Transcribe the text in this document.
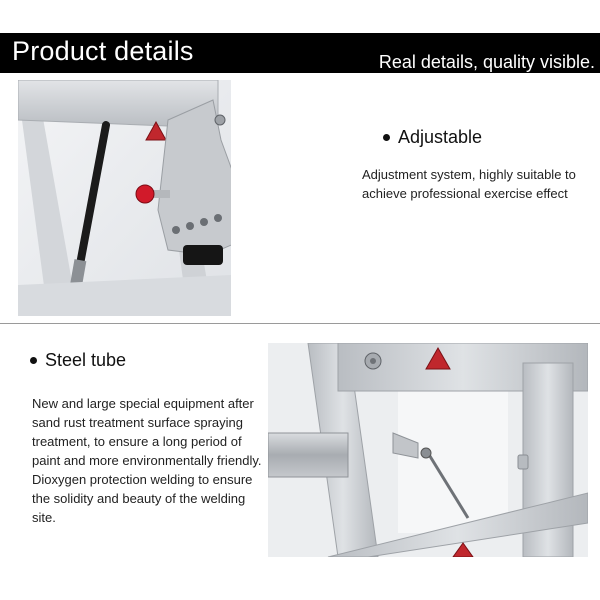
Product details	Real details, quality visible.
Adjustable
Adjustment system, highly suitable to achieve professional exercise effect
Steel tube
New and large special equipment after sand rust treatment surface spraying treatment, to ensure a long period of paint and more environmentally friendly. Dioxygen protection welding to ensure the solidity and beauty of the welding site.
